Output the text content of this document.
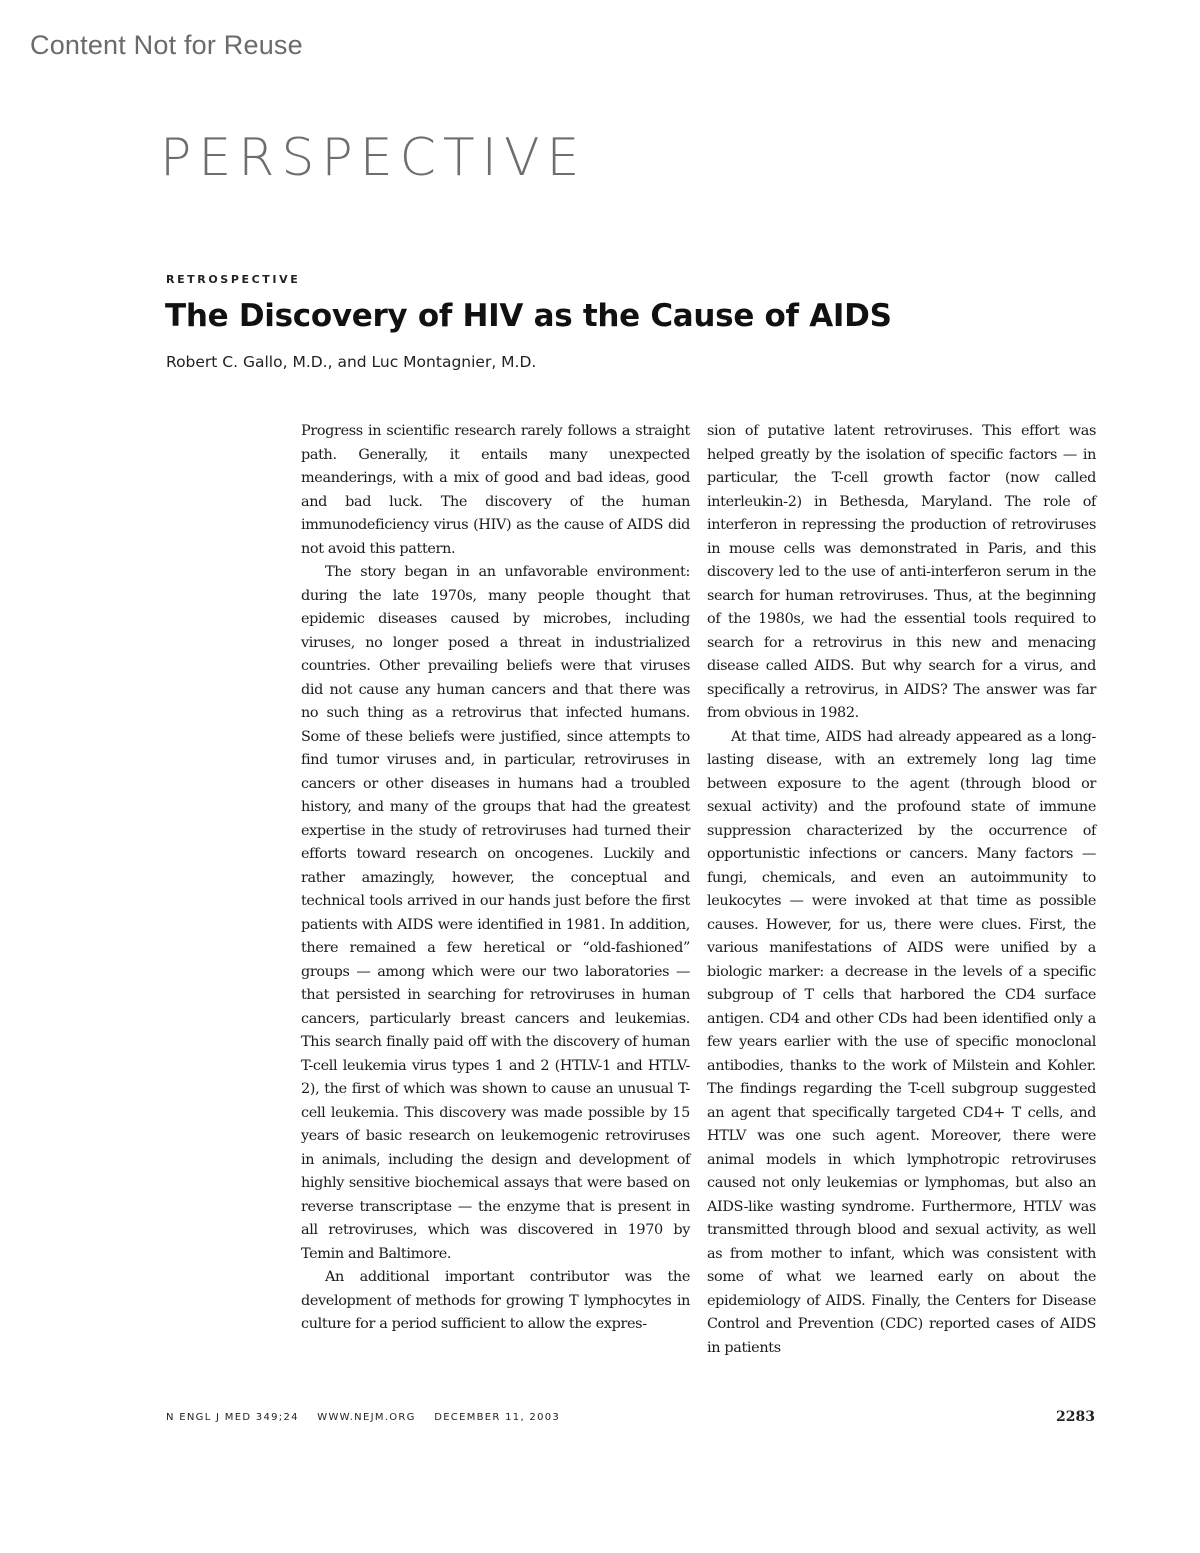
Content Not for Reuse
PERSPECTIVE
RETROSPECTIVE
The Discovery of HIV as the Cause of AIDS
Robert C. Gallo, M.D., and Luc Montagnier, M.D.

Progress in scientific research rarely follows a straight path. Generally, it entails many unexpected meanderings, with a mix of good and bad ideas, good and bad luck. The discovery of the human immunodeficiency virus (HIV) as the cause of AIDS did not avoid this pattern.

The story began in an unfavorable environment: during the late 1970s, many people thought that epidemic diseases caused by microbes, including viruses, no longer posed a threat in industrialized countries. Other prevailing beliefs were that viruses did not cause any human cancers and that there was no such thing as a retrovirus that infected humans. Some of these beliefs were justified, since attempts to find tumor viruses and, in particular, retroviruses in cancers or other diseases in humans had a troubled history, and many of the groups that had the greatest expertise in the study of retroviruses had turned their efforts toward research on oncogenes. Luckily and rather amazingly, however, the conceptual and technical tools arrived in our hands just before the first patients with AIDS were identified in 1981. In addition, there remained a few heretical or “old-fashioned” groups — among which were our two laboratories — that persisted in searching for retroviruses in human cancers, particularly breast cancers and leukemias. This search finally paid off with the discovery of human T-cell leukemia virus types 1 and 2 (HTLV-1 and HTLV-2), the first of which was shown to cause an unusual T-cell leukemia. This discovery was made possible by 15 years of basic research on leukemogenic retroviruses in animals, including the design and development of highly sensitive biochemical assays that were based on reverse transcriptase — the enzyme that is present in all retroviruses, which was discovered in 1970 by Temin and Baltimore.

An additional important contributor was the development of methods for growing T lymphocytes in culture for a period sufficient to allow the expres-

sion of putative latent retroviruses. This effort was helped greatly by the isolation of specific factors — in particular, the T-cell growth factor (now called interleukin-2) in Bethesda, Maryland. The role of interferon in repressing the production of retroviruses in mouse cells was demonstrated in Paris, and this discovery led to the use of anti-interferon serum in the search for human retroviruses. Thus, at the beginning of the 1980s, we had the essential tools required to search for a retrovirus in this new and menacing disease called AIDS. But why search for a virus, and specifically a retrovirus, in AIDS? The answer was far from obvious in 1982.

At that time, AIDS had already appeared as a long-lasting disease, with an extremely long lag time between exposure to the agent (through blood or sexual activity) and the profound state of immune suppression characterized by the occurrence of opportunistic infections or cancers. Many factors — fungi, chemicals, and even an autoimmunity to leukocytes — were invoked at that time as possible causes. However, for us, there were clues. First, the various manifestations of AIDS were unified by a biologic marker: a decrease in the levels of a specific subgroup of T cells that harbored the CD4 surface antigen. CD4 and other CDs had been identified only a few years earlier with the use of specific monoclonal antibodies, thanks to the work of Milstein and Kohler. The findings regarding the T-cell subgroup suggested an agent that specifically targeted CD4+ T cells, and HTLV was one such agent. Moreover, there were animal models in which lymphotropic retroviruses caused not only leukemias or lymphomas, but also an AIDS-like wasting syndrome. Furthermore, HTLV was transmitted through blood and sexual activity, as well as from mother to infant, which was consistent with some of what we learned early on about the epidemiology of AIDS. Finally, the Centers for Disease Control and Prevention (CDC) reported cases of AIDS in patients

N ENGL J MED 349;24 WWW.NEJM.ORG DECEMBER 11, 2003	2283
